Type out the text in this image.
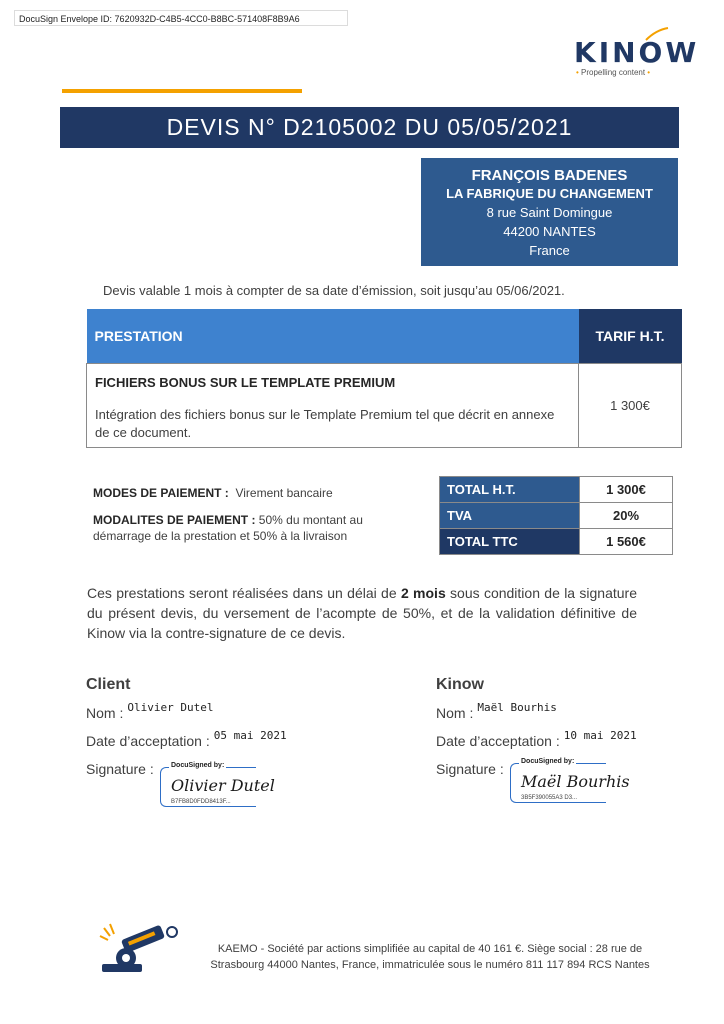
DocuSign Envelope ID: 7620932D-C4B5-4CC0-B8BC-571408F8B9A6
KINOW
• Propelling content •
DEVIS N° D2105002 DU 05/05/2021
FRANÇOIS BADENES
LA FABRIQUE DU CHANGEMENT
8 rue Saint Domingue
44200 NANTES
France
Devis valable 1 mois à compter de sa date d’émission, soit jusqu’au 05/06/2021.
PRESTATION	TARIF H.T.

FICHIERS BONUS SUR LE TEMPLATE PREMIUM
Intégration des fichiers bonus sur le Template Premium tel que décrit en annexe de ce document.	1 300€
MODES DE PAIEMENT : Virement bancaire
MODALITES DE PAIEMENT : 50% du montant au démarrage de la prestation et 50% à la livraison
TOTAL H.T.	1 300€
TVA	20%
TOTAL TTC	1 560€
Ces prestations seront réalisées dans un délai de 2 mois sous condition de la signature du présent devis, du versement de l’acompte de 50%, et de la validation définitive de Kinow via la contre-signature de ce devis.
Client
Nom : $^{Olivier Dutel}$
Date d’acceptation : $^{05 mai 2021}$
Signature : DocuSigned by:
Olivier Dutel
B7FB8D0FDD8413F...
Kinow
Nom : $^{Maël Bourhis}$
Date d’acceptation : $^{10 mai 2021}$
Signature : DocuSigned by:
Maël Bourhis
3B5F390055A3 D3...
KAEMO - Société par actions simplifiée au capital de 40 161 €. Siège social : 28 rue de Strasbourg 44000 Nantes, France, immatriculée sous le numéro 811 117 894 RCS Nantes
